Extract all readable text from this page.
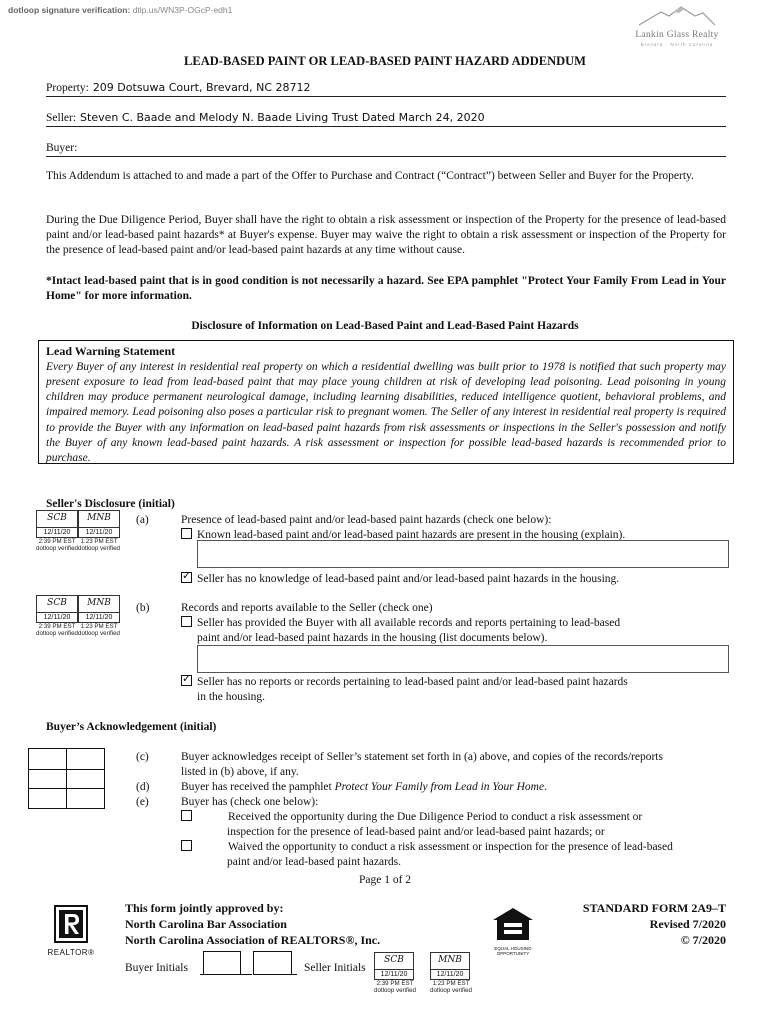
dotloop signature verification: dtlp.us/WN3P-OGcP-edh1
Lankin Glass Realty
Brevard · North Carolina
LEAD-BASED PAINT OR LEAD-BASED PAINT HAZARD ADDENDUM
Property: 209 Dotsuwa Court, Brevard, NC 28712
Seller: Steven C. Baade and Melody N. Baade Living Trust Dated March 24, 2020
Buyer:
This Addendum is attached to and made a part of the Offer to Purchase and Contract (“Contract”) between Seller and Buyer for the Property.
During the Due Diligence Period, Buyer shall have the right to obtain a risk assessment or inspection of the Property for the presence of lead-based paint and/or lead-based paint hazards* at Buyer's expense. Buyer may waive the right to obtain a risk assessment or inspection of the Property for the presence of lead-based paint and/or lead-based paint hazards at any time without cause.
*Intact lead-based paint that is in good condition is not necessarily a hazard. See EPA pamphlet "Protect Your Family From Lead in Your Home" for more information.
Disclosure of Information on Lead-Based Paint and Lead-Based Paint Hazards
Lead Warning Statement
Every Buyer of any interest in residential real property on which a residential dwelling was built prior to 1978 is notified that such property may present exposure to lead from lead-based paint that may place young children at risk of developing lead poisoning. Lead poisoning in young children may produce permanent neurological damage, including learning disabilities, reduced intelligence quotient, behavioral problems, and impaired memory. Lead poisoning also poses a particular risk to pregnant women. The Seller of any interest in residential real property is required to provide the Buyer with any information on lead-based paint hazards from risk assessments or inspections in the Seller's possession and notify the Buyer of any known lead-based paint hazards. A risk assessment or inspection for possible lead-based hazards is recommended prior to purchase.
Seller's Disclosure (initial)
SCB
12/11/20
2:39 PM EST
dotloop verified
MNB
12/11/20
1:23 PM EST
dotloop verified
(a)	Presence of lead-based paint and/or lead-based paint hazards (check one below):
Known lead-based paint and/or lead-based paint hazards are present in the housing (explain).
✓Seller has no knowledge of lead-based paint and/or lead-based paint hazards in the housing.
SCB
12/11/20
2:39 PM EST
dotloop verified
MNB
12/11/20
1:23 PM EST
dotloop verified
(b)	Records and reports available to the Seller (check one)
Seller has provided the Buyer with all available records and reports pertaining to lead-based
paint and/or lead-based paint hazards in the housing (list documents below).
✓Seller has no reports or records pertaining to lead-based paint and/or lead-based paint hazards
in the housing.
Buyer’s Acknowledgement (initial)
(c)	Buyer acknowledges receipt of Seller’s statement set forth in (a) above, and copies of the records/reports
listed in (b) above, if any.
(d)	Buyer has received the pamphlet Protect Your Family from Lead in Your Home.
(e)	Buyer has (check one below):
Received the opportunity during the Due Diligence Period to conduct a risk assessment or
inspection for the presence of lead-based paint and/or lead-based paint hazards; or
Waived the opportunity to conduct a risk assessment or inspection for the presence of lead-based
paint and/or lead-based paint hazards.
Page 1 of 2
REALTOR®
This form jointly approved by:
North Carolina Bar Association
North Carolina Association of REALTORS®, Inc.
EQUAL HOUSING
OPPORTUNITY
STANDARD FORM 2A9–T
Revised 7/2020
© 7/2020
Buyer Initials	Seller Initials
SCB
12/11/20
2:39 PM EST
dotloop verified
MNB
12/11/20
1:23 PM EST
dotloop verified
